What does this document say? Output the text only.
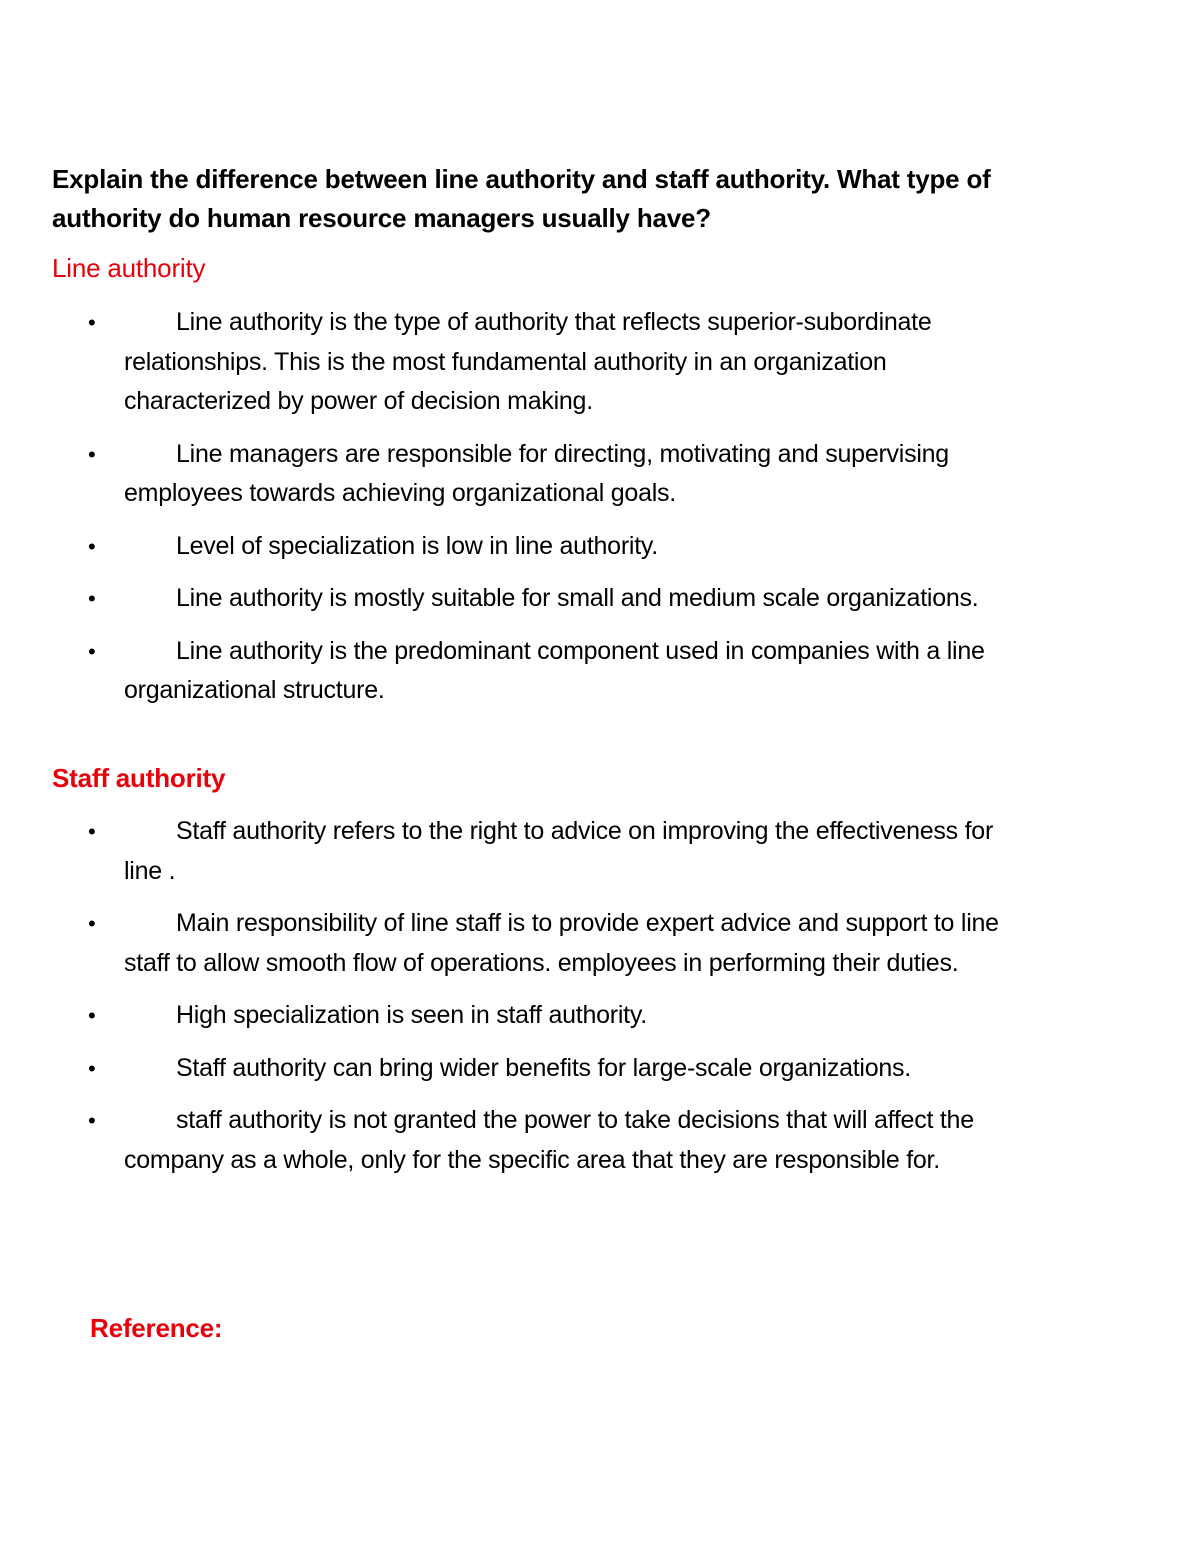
Explain the difference between line authority and staff authority. What type of authority do human resource managers usually have?
Line authority
•	Line authority is the type of authority that reflects superior-subordinate relationships. This is the most fundamental authority in an organization characterized by power of decision making.
•	Line managers are responsible for directing, motivating and supervising employees towards achieving organizational goals.
•	Level of specialization is low in line authority.
•	Line authority is mostly suitable for small and medium scale organizations.
•	Line authority is the predominant component used in companies with a line organizational structure.
Staff authority
•	Staff authority refers to the right to advice on improving the effectiveness for line .
•	Main responsibility of line staff is to provide expert advice and support to line staff to allow smooth flow of operations. employees in performing their duties.
•	High specialization is seen in staff authority.
•	Staff authority can bring wider benefits for large-scale organizations.
•	staff authority is not granted the power to take decisions that will affect the company as a whole, only for the specific area that they are responsible for.
Reference:
